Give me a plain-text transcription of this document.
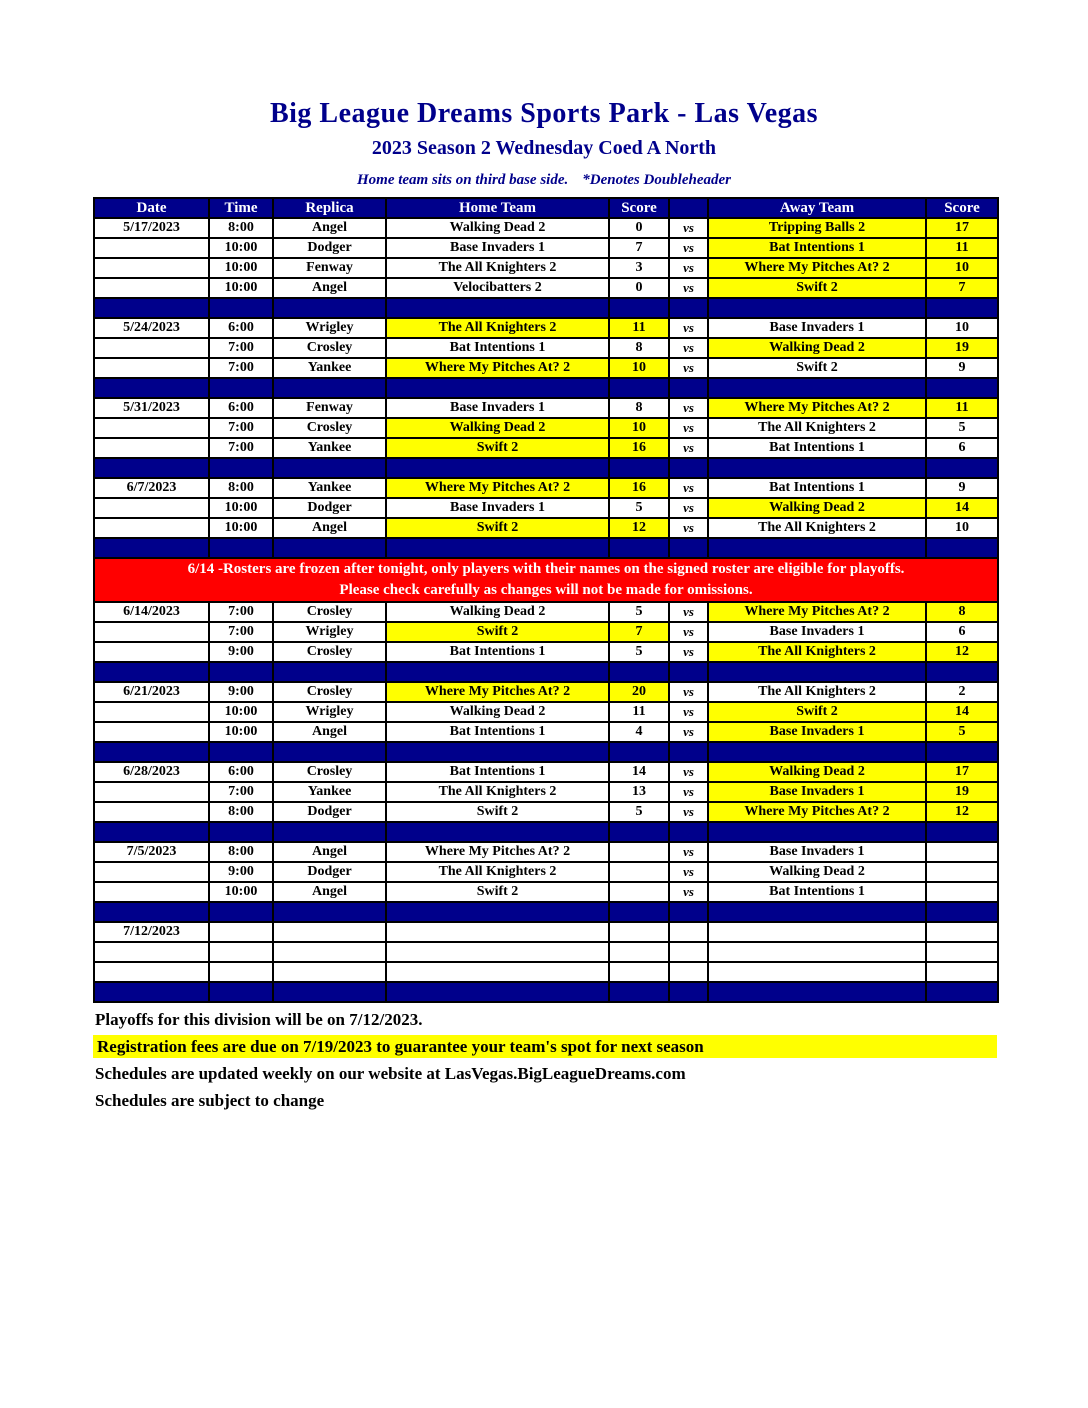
Big League Dreams Sports Park - Las Vegas
2023 Season 2 Wednesday Coed A North
Home team sits on third base side. *Denotes Doubleheader
Date	Time	Replica	Home Team	Score		Away Team	Score
5/17/2023	8:00	Angel	Walking Dead 2	0	vs	Tripping Balls 2	17
	10:00	Dodger	Base Invaders 1	7	vs	Bat Intentions 1	11
	10:00	Fenway	The All Knighters 2	3	vs	Where My Pitches At? 2	10
	10:00	Angel	Velocibatters 2	0	vs	Swift 2	7

5/24/2023	6:00	Wrigley	The All Knighters 2	11	vs	Base Invaders 1	10
	7:00	Crosley	Bat Intentions 1	8	vs	Walking Dead 2	19
	7:00	Yankee	Where My Pitches At? 2	10	vs	Swift 2	9

5/31/2023	6:00	Fenway	Base Invaders 1	8	vs	Where My Pitches At? 2	11
	7:00	Crosley	Walking Dead 2	10	vs	The All Knighters 2	5
	7:00	Yankee	Swift 2	16	vs	Bat Intentions 1	6

6/7/2023	8:00	Yankee	Where My Pitches At? 2	16	vs	Bat Intentions 1	9
	10:00	Dodger	Base Invaders 1	5	vs	Walking Dead 2	14
	10:00	Angel	Swift 2	12	vs	The All Knighters 2	10

6/14 -Rosters are frozen after tonight, only players with their names on the signed roster are eligible for playoffs.
Please check carefully as changes will not be made for omissions.							

6/14/2023	7:00	Crosley	Walking Dead 2	5	vs	Where My Pitches At? 2	8
	7:00	Wrigley	Swift 2	7	vs	Base Invaders 1	6
	9:00	Crosley	Bat Intentions 1	5	vs	The All Knighters 2	12

6/21/2023	9:00	Crosley	Where My Pitches At? 2	20	vs	The All Knighters 2	2
	10:00	Wrigley	Walking Dead 2	11	vs	Swift 2	14
	10:00	Angel	Bat Intentions 1	4	vs	Base Invaders 1	5

6/28/2023	6:00	Crosley	Bat Intentions 1	14	vs	Walking Dead 2	17
	7:00	Yankee	The All Knighters 2	13	vs	Base Invaders 1	19
	8:00	Dodger	Swift 2	5	vs	Where My Pitches At? 2	12

7/5/2023	8:00	Angel	Where My Pitches At? 2		vs	Base Invaders 1	
	9:00	Dodger	The All Knighters 2		vs	Walking Dead 2	
	10:00	Angel	Swift 2		vs	Bat Intentions 1	

7/12/2023							

Playoffs for this division will be on 7/12/2023.
Registration fees are due on 7/19/2023 to guarantee your team's spot for next season
Schedules are updated weekly on our website at LasVegas.BigLeagueDreams.com
Schedules are subject to change
